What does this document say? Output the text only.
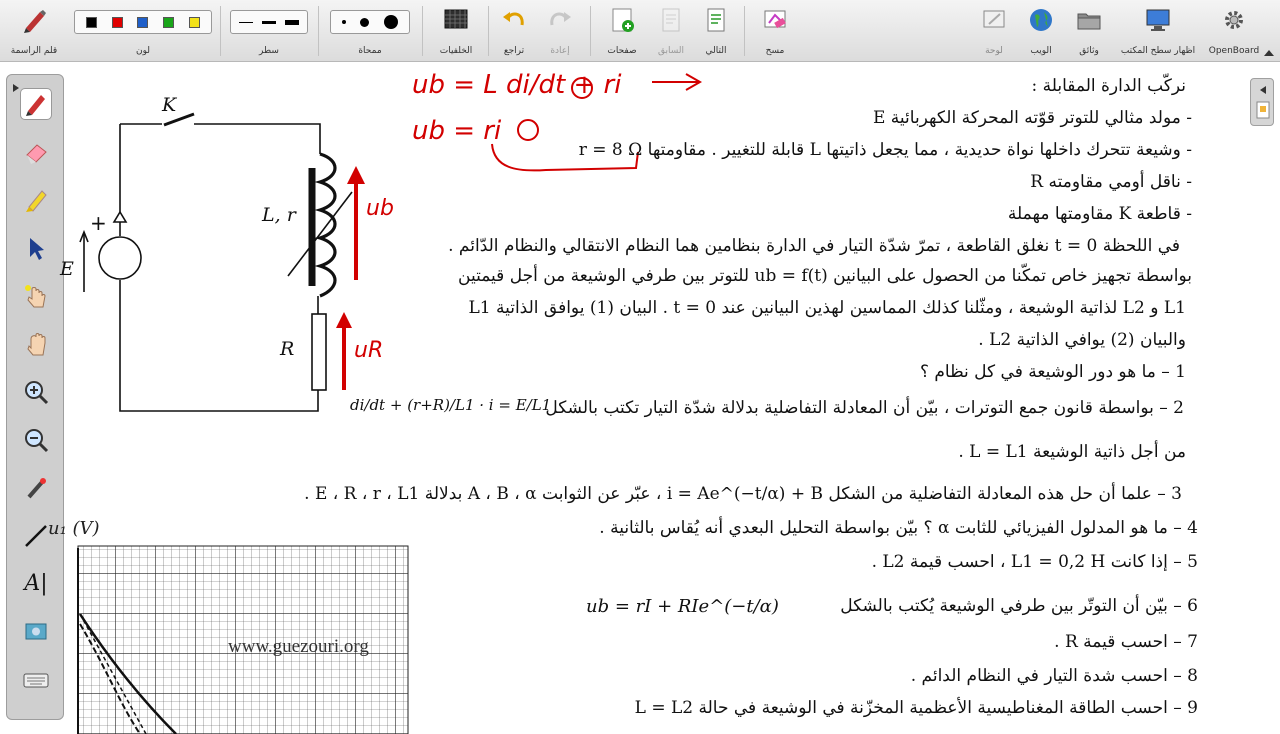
قلم الراسمة	لون	سطر	ممحاة	الخلفيات	تراجع	إعادة	صفحات	السابق	التالي	مسح	لوحة	الويب	وثائق	اظهار سطح المكتب	OpenBoard
A|
+
K
L, r
R
E
ub
uR
ub = L di/dt + ri
ub = ri
نركّب الدارة المقابلة :
- مولد مثالي للتوتر قوّته المحركة الكهربائية E
- وشيعة تتحرك داخلها نواة حديدية ، مما يجعل ذاتيتها L قابلة للتغيير . مقاومتها r = 8 Ω
- ناقل أومي مقاومته R
- قاطعة K مقاومتها مهملة
في اللحظة 0 = t نغلق القاطعة ، تمرّ شدّة التيار في الدارة بنظامين هما النظام الانتقالي والنظام الدّائم .
بواسطة تجهيز خاص تمكّنا من الحصول على البيانين ub = f(t) للتوتر بين طرفي الوشيعة من أجل قيمتين
L1 و L2 لذاتية الوشيعة ، ومثّلنا كذلك المماسين لهذين البيانين عند 0 = t . البيان (1) يوافق الذاتية L1
والبيان (2) يوافي الذاتية L2 .
1 – ما هو دور الوشيعة في كل نظام ؟
2 – بواسطة قانون جمع التوترات ، بيّن أن المعادلة التفاضلية بدلالة شدّة التيار تكتب بالشكل
من أجل ذاتية الوشيعة L = L1 .
3 – علما أن حل هذه المعادلة التفاضلية من الشكل i = Ae^(−t/α) + B ، عبّر عن الثوابت A ، B ، α بدلالة E ، R ، r ، L1 .
4 – ما هو المدلول الفيزيائي للثابت α ؟ بيّن بواسطة التحليل البعدي أنه يُقاس بالثانية .
5 – إذا كانت L1 = 0,2 H ، احسب قيمة L2 .
6 – بيّن أن التوتّر بين طرفي الوشيعة يُكتب بالشكل
7 – احسب قيمة R .
8 – احسب شدة التيار في النظام الدائم .
9 – احسب الطاقة المغناطيسية الأعظمية المخزّنة في الوشيعة في حالة L = L2
di/dt + (r+R)/L1 · i = E/L1
ub = rI + RIe^(−t/α)
u₁ (V)
www.guezouri.org
